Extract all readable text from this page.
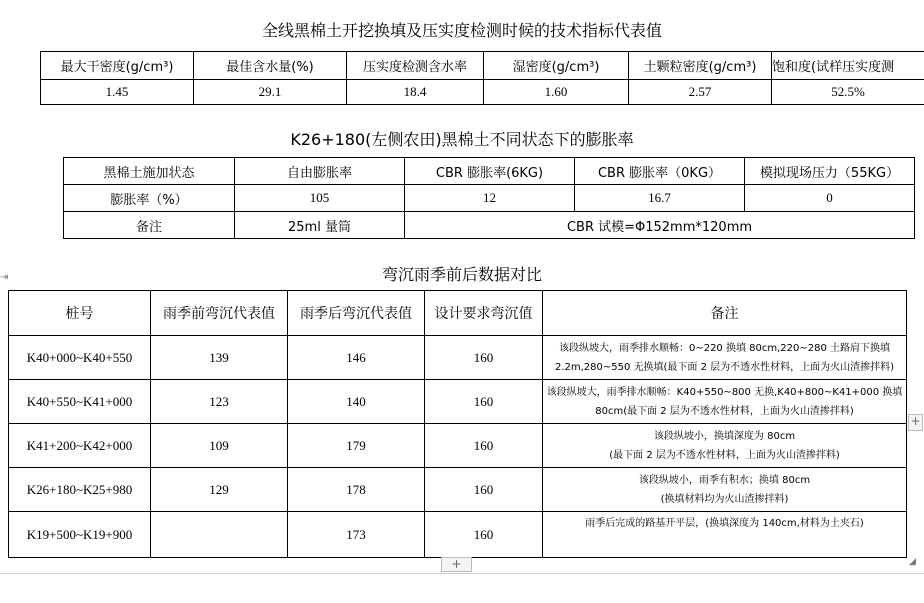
全线黑棉土开挖换填及压实度检测时候的技术指标代表值
最大干密度(g/cm³)	最佳含水量(%)	压实度检测含水率	湿密度(g/cm³)	土颗粒密度(g/cm³)	饱和度(试样压实度测
1.45	29.1	18.4	1.60	2.57	52.5%
K26+180(左侧农田)黑棉土不同状态下的膨胀率
黑棉土施加状态	自由膨胀率	CBR 膨胀率(6KG)	CBR 膨胀率（0KG）	模拟现场压力（55KG）
膨胀率（%）	105	12	16.7	0
备注	25ml 量筒	CBR 试模=Φ152mm*120mm		
⇥	弯沉雨季前后数据对比
桩号	雨季前弯沉代表值	雨季后弯沉代表值	设计要求弯沉值	备注
K40+000~K40+550	139	146	160	该段纵坡大，雨季排水顺畅：0~220 换填 80cm,220~280 土路肩下换填
2.2m,280~550 无换填(最下面 2 层为不透水性材料，上面为火山渣掺拌料)

K40+550~K41+000	123	140	160	该段纵坡大，雨季排水顺畅：K40+550~800 无换,K40+800~K41+000 换填
80cm(最下面 2 层为不透水性材料，上面为火山渣掺拌料)

K41+200~K42+000	109	179	160	该段纵坡小，换填深度为 80cm
(最下面 2 层为不透水性材料，上面为火山渣掺拌料)

K26+180~K25+980	129	178	160	该段纵坡小，雨季有积水；换填 80cm
(换填材料均为火山渣掺拌料)

K19+500~K19+900		173	160	雨季后完成的路基开平层，(换填深度为 140cm,材料为土夹石)
+
+	◢
